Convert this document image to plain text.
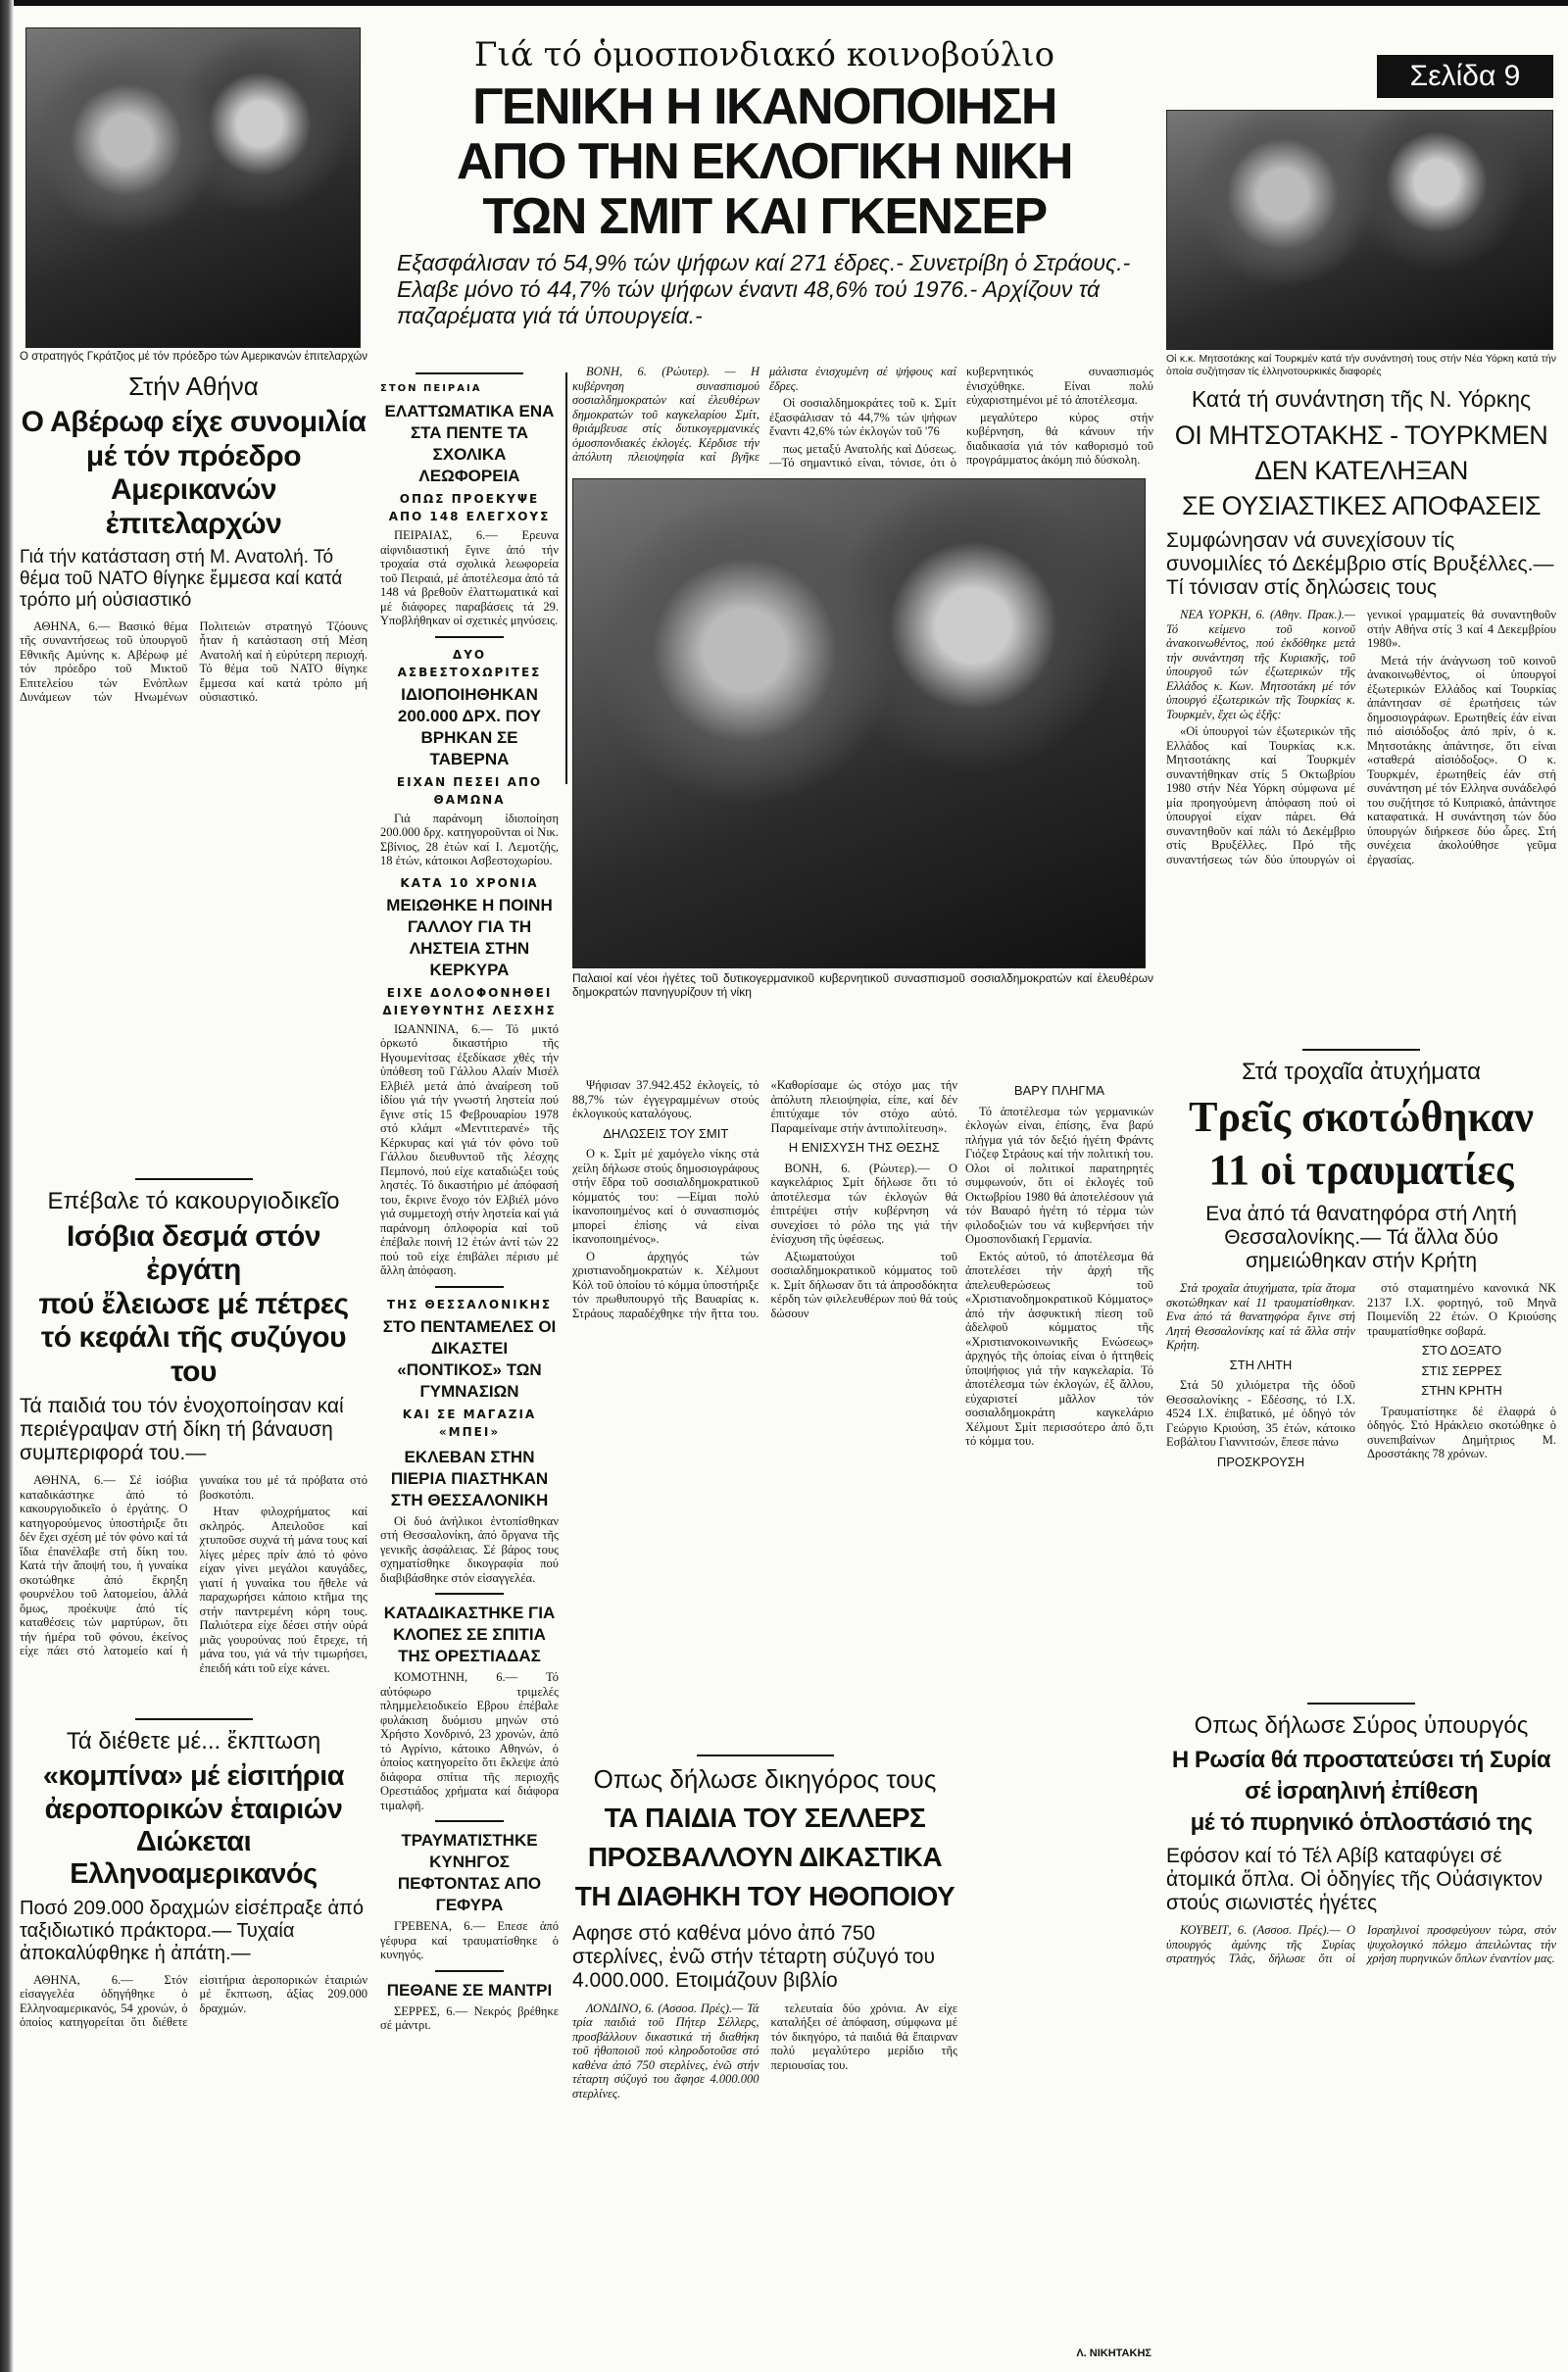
Ο στρατηγός Γκράτζιος μέ τόν πρόεδρο τών Αμερικανών ἐπιτελαρχών
Στήν Αθήνα
Ο Αβέρωφ είχε συνομιλία
μέ τόν πρόεδρο
Αμερικανών ἐπιτελαρχών
Γιά τήν κατάσταση στή Μ. Ανατολή. Τό θέμα τοῦ ΝΑΤΟ θίγηκε ἔμμεσα καί κατά τρόπο μή οὐσιαστικό

ΑΘΗΝΑ, 6.— Βασικό θέμα τῆς συναντήσεως τοῦ ὑπουργοῦ Εθνικῆς Αμύνης κ. Αβέρωφ μέ τόν πρόεδρο τοῦ Μικτοῦ Επιτελείου τών Ενόπλων Δυνάμεων τών Ηνωμένων Πολιτειών στρατηγό Τζόουνς ἦταν ἡ κατάσταση στή Μέση Ανατολή καί ἡ εὐρύτερη περιοχή. Τό θέμα τοῦ ΝΑΤΟ θίγηκε ἔμμεσα καί κατά τρόπο μή οὐσιαστικό.

Επέβαλε τό κακουργιοδικεῖο
Ισόβια δεσμά στόν ἐργάτη
πού ἔλειωσε μέ πέτρες
τό κεφάλι τῆς συζύγου του
Τά παιδιά του τόν ἐνοχοποίησαν καί περιέγραψαν στή δίκη τή βάναυση συμπεριφορά του.—

ΑΘΗΝΑ, 6.— Σέ ἰσόβια καταδικάστηκε ἀπό τό κακουργιοδικεῖο ὁ ἐργάτης. Ο κατηγορούμενος ὑποστήριξε ὅτι δέν ἔχει σχέση μέ τόν φόνο καί τά ἴδια ἐπανέλαβε στή δίκη του. Κατά τήν ἄποψή του, ἡ γυναίκα σκοτώθηκε ἀπό ἔκρηξη φουρνέλου τοῦ λατομείου, ἀλλά ὅμως, προέκυψε ἀπό τίς καταθέσεις τών μαρτύρων, ὅτι τήν ἡμέρα τοῦ φόνου, ἐκείνος είχε πάει στό λατομείο καί ἡ γυναίκα του μέ τά πρόβατα στό βοσκοτόπι.

Ηταν φιλοχρήματος καί σκληρός. Απειλοῦσε καί χτυποῦσε συχνά τή μάνα τους καί λίγες μέρες πρίν ἀπό τό φόνο είχαν γίνει μεγάλοι καυγάδες, γιατί ἡ γυναίκα του ἤθελε νά παραχωρήσει κάποιο κτῆμα της στήν παντρεμένη κόρη τους. Παλιότερα είχε δέσει στήν οὐρά μιᾶς γουρούνας πού ἔτρεχε, τή μάνα του, γιά νά τήν τιμωρήσει, ἐπειδή κάτι τοῦ είχε κάνει.

Τά διέθετε μέ... ἔκπτωση
«κομπίνα» μέ εἰσιτήρια
ἀεροπορικών ἑταιριών
Διώκεται Ελληνοαμερικανός
Ποσό 209.000 δραχμών εἰσέπραξε ἀπό ταξιδιωτικό πράκτορα.— Τυχαία ἀποκαλύφθηκε ἡ ἀπάτη.—

ΑΘΗΝΑ, 6.— Στόν εἰσαγγελέα ὁδηγήθηκε ὁ Ελληνοαμερικανός, 54 χρονών, ὁ ὁποίος κατηγορείται ὅτι διέθετε εἰσιτήρια ἀεροπορικών ἑταιριών μέ ἔκπτωση, ἀξίας 209.000 δραχμών.

Γιά τό ὁμοσπονδιακό κοινοβούλιο
ΓΕΝΙΚΗ Η ΙΚΑΝΟΠΟΙΗΣΗ
ΑΠΟ ΤΗΝ ΕΚΛΟΓΙΚΗ ΝΙΚΗ
ΤΩΝ ΣΜΙΤ ΚΑΙ ΓΚΕΝΣΕΡ
Εξασφάλισαν τό 54,9% τών ψήφων καί 271 έδρες.- Συνετρίβη ὁ Στράους.- Ελαβε μόνο τό 44,7% τών ψήφων έναντι 48,6% τού 1976.- Αρχίζουν τά παζαρέματα γιά τά ὑπουργεία.-
ΣΤΟΝ ΠΕΙΡΑΙΑ
ΕΛΑΤΤΩΜΑΤΙΚΑ ΕΝΑ ΣΤΑ ΠΕΝΤΕ ΤΑ ΣΧΟΛΙΚΑ ΛΕΩΦΟΡΕΙΑ
ΟΠΩΣ ΠΡΟΕΚΥΨΕ ΑΠΟ 148 ΕΛΕΓΧΟΥΣ

ΠΕΙΡΑΙΑΣ, 6.— Ερευνα αἰφνιδιαστική ἔγινε ἀπό τήν τροχαία στά σχολικά λεωφορεία τοῦ Πειραιά, μέ ἀποτέλεσμα ἀπό τά 148 νά βρεθοῦν ἐλαττωματικά καί μέ διάφορες παραβάσεις τά 29. Υποβλήθηκαν οἱ σχετικές μηνύσεις.

ΔΥΟ ΑΣΒΕΣΤΟΧΩΡΙΤΕΣ
ΙΔΙΟΠΟΙΗΘΗΚΑΝ 200.000 ΔΡΧ. ΠΟΥ ΒΡΗΚΑΝ ΣΕ ΤΑΒΕΡΝΑ
ΕΙΧΑΝ ΠΕΣΕΙ ΑΠΟ ΘΑΜΩΝΑ

Γιά παράνομη ἰδιοποίηση 200.000 δρχ. κατηγοροῦνται οἱ Νικ. Σβίνιος, 28 ἐτών καί Ι. Λεμοτζής, 18 ἐτών, κάτοικοι Ασβεστοχωρίου.

ΚΑΤΑ 10 ΧΡΟΝΙΑ
ΜΕΙΩΘΗΚΕ Η ΠΟΙΝΗ ΓΑΛΛΟΥ ΓΙΑ ΤΗ ΛΗΣΤΕΙΑ ΣΤΗΝ ΚΕΡΚΥΡΑ
ΕΙΧΕ ΔΟΛΟΦΟΝΗΘΕΙ ΔΙΕΥΘΥΝΤΗΣ ΛΕΣΧΗΣ

ΙΩΑΝΝΙΝΑ, 6.— Τό μικτό ὁρκωτό δικαστήριο τῆς Ηγουμενίτσας ἐξεδίκασε χθές τήν ὑπόθεση τοῦ Γάλλου Αλαίν Μισέλ Ελβιέλ μετά ἀπό ἀναίρεση τοῦ ἰδίου γιά τήν γνωστή ληστεία πού ἔγινε στίς 15 Φεβρουαρίου 1978 στό κλάμπ «Μεντιτερανέ» τῆς Κέρκυρας καί γιά τόν φόνο τοῦ Γάλλου διευθυντοῦ τῆς λέσχης Πεμπονό, πού είχε καταδιώξει τούς ληστές. Τό δικαστήριο μέ ἀπόφασή του, ἔκρινε ἔνοχο τόν Ελβιέλ μόνο γιά συμμετοχή στήν ληστεία καί γιά παράνομη ὁπλοφορία καί τοῦ ἐπέβαλε ποινή 12 ἐτών ἀντί τών 22 πού τοῦ είχε ἐπιβάλει πέρισυ μέ ἄλλη ἀπόφαση.

ΤΗΣ ΘΕΣΣΑΛΟΝΙΚΗΣ
ΣΤΟ ΠΕΝΤΑΜΕΛΕΣ ΟΙ ΔΙΚΑΣΤΕΙ «ΠΟΝΤΙΚΟΣ» ΤΩΝ ΓΥΜΝΑΣΙΩΝ
ΚΑΙ ΣΕ ΜΑΓΑΖΙΑ «ΜΠΕΙ»
ΕΚΛΕΒΑΝ ΣΤΗΝ ΠΙΕΡΙΑ ΠΙΑΣΤΗΚΑΝ ΣΤΗ ΘΕΣΣΑΛΟΝΙΚΗ

Οἱ δυό ἀνήλικοι ἐντοπίσθηκαν στή Θεσσαλονίκη, ἀπό ὄργανα τῆς γενικῆς ἀσφάλειας. Σέ βάρος τους σχηματίσθηκε δικογραφία πού διαβιβάσθηκε στόν εἰσαγγελέα.

ΚΑΤΑΔΙΚΑΣΤΗΚΕ ΓΙΑ ΚΛΟΠΕΣ ΣΕ ΣΠΙΤΙΑ ΤΗΣ ΟΡΕΣΤΙΑΔΑΣ

ΚΟΜΟΤΗΝΗ, 6.— Τό αὐτόφωρο τριμελές πλημμελειοδικείο Εβρου ἐπέβαλε φυλάκιση δυόμισυ μηνών στό Χρήστο Χονδρινό, 23 χρονών, ἀπό τό Αγρίνιο, κάτοικο Αθηνών, ὁ ὁποίος κατηγορείτο ὅτι ἔκλεψε ἀπό διάφορα σπίτια τῆς περιοχῆς Ορεστιάδος χρήματα καί διάφορα τιμαλφῆ.

ΤΡΑΥΜΑΤΙΣΤΗΚΕ ΚΥΝΗΓΟΣ ΠΕΦΤΟΝΤΑΣ ΑΠΟ ΓΕΦΥΡΑ

ΓΡΕΒΕΝΑ, 6.— Επεσε ἀπό γέφυρα καί τραυματίσθηκε ὁ κυνηγός.

ΠΕΘΑΝΕ ΣΕ ΜΑΝΤΡΙ

ΣΕΡΡΕΣ, 6.— Νεκρός βρέθηκε σέ μάντρι.

ΒΟΝΗ, 6. (Ρώυτερ). — Η κυβέρνηση συνασπισμού σοσιαλδημοκρατών καί ἐλευθέρων δημοκρατών τοῦ καγκελαρίου Σμίτ, θριάμβευσε στίς δυτικογερμανικές ὁμοσπονδιακές ἐκλογές. Κέρδισε τήν ἀπόλυτη πλειοψηφία καί βγῆκε μάλιστα ἐνισχυμένη σέ ψήφους καί ἔδρες.

Οἱ σοσιαλδημοκράτες τοῦ κ. Σμίτ ἐξασφάλισαν τό 44,7% τών ψήφων ἔναντι 42,6% τών ἐκλογών τοῦ '76

πως μεταξύ Ανατολής καί Δύσεως. —Τό σημαντικό είναι, τόνισε, ότι ὁ κυβερνητικός συνασπισμός ἐνισχύθηκε. Είναι πολύ εὐχαριστημένοι μέ τό ἀποτέλεσμα.

μεγαλύτερο κύρος στήν κυβέρνηση, θά κάνουν τήν διαδικασία γιά τόν καθορισμό τοῦ προγράμματος ἀκόμη πιό δύσκολη.

Παλαιοί καί νέοι ἡγέτες τοῦ δυτικογερμανικοῦ κυβερνητικοῦ συνασπισμοῦ σοσιαλδημοκρατών καί ἐλευθέρων δημοκρατών πανηγυρίζουν τή νίκη

Ψήφισαν 37.942.452 ἐκλογείς, τό 88,7% τών ἐγγεγραμμένων στούς ἐκλογικούς καταλόγους.

ΔΗΛΩΣΕΙΣ ΤΟΥ ΣΜΙΤ

Ο κ. Σμίτ μέ χαμόγελο νίκης στά χείλη δήλωσε στούς δημοσιογράφους στήν ἕδρα τοῦ σοσιαλδημοκρατικοῦ κόμματός του: —Είμαι πολύ ἱκανοποιημένος καί ὁ συνασπισμός μπορεί ἐπίσης νά είναι ἱκανοποιημένος».

Ο ἀρχηγός τών χριστιανοδημοκρατών κ. Χέλμουτ Κόλ τοῦ ὁποίου τό κόμμα ὑποστήριξε τόν πρωθυπουργό τῆς Βαυαρίας κ. Στράους παραδέχθηκε τήν ἥττα του. «Καθορίσαμε ὡς στόχο μας τήν ἀπόλυτη πλειοψηφία, είπε, καί δέν ἐπιτύχαμε τόν στόχο αὐτό. Παραμείναμε στήν ἀντιπολίτευση».

Η ΕΝΙΣΧΥΣΗ ΤΗΣ ΘΕΣΗΣ

ΒΟΝΗ, 6. (Ρώυτερ).— Ο καγκελάριος Σμίτ δήλωσε ὅτι τό ἀποτέλεσμα τών ἐκλογών θά ἐπιτρέψει στήν κυβέρνηση νά συνεχίσει τό ρόλο της γιά τήν ἐνίσχυση τῆς ὑφέσεως.

Αξιωματούχοι τοῦ σοσιαλδημοκρατικοῦ κόμματος τοῦ κ. Σμίτ δήλωσαν ὅτι τά ἀπροσδόκητα κέρδη τών φιλελευθέρων πού θά τούς δώσουν

Οπως δήλωσε δικηγόρος τους
ΤΑ ΠΑΙΔΙΑ ΤΟΥ ΣΕΛΛΕΡΣ
ΠΡΟΣΒΑΛΛΟΥΝ ΔΙΚΑΣΤΙΚΑ
ΤΗ ΔΙΑΘΗΚΗ ΤΟΥ ΗΘΟΠΟΙΟΥ
Αφησε στό καθένα μόνο ἀπό 750 στερλίνες, ἐνῶ στήν τέταρτη σύζυγό του 4.000.000. Ετοιμάζουν βιβλίο

ΛΟΝΔΙΝΟ, 6. (Ασσοσ. Πρές).— Τά τρία παιδιά τοῦ Πήτερ Σέλλερς, προσβάλλουν δικαστικά τή διαθήκη τοῦ ἠθοποιοῦ πού κληροδοτοῦσε στό καθένα ἀπό 750 στερλίνες, ἐνῶ στήν τέταρτη σύζυγό του ἄφησε 4.000.000 στερλίνες.

τελευταία δύο χρόνια. Αν είχε καταλήξει σέ ἀπόφαση, σύμφωνα μέ τόν δικηγόρο, τά παιδιά θά ἔπαιρναν πολύ μεγαλύτερο μερίδιο τῆς περιουσίας του.

ΒΑΡΥ ΠΛΗΓΜΑ

Τό ἀποτέλεσμα τών γερμανικών ἐκλογών είναι, ἐπίσης, ἕνα βαρύ πλήγμα γιά τόν δεξιό ἡγέτη Φράντς Γιόζεφ Στράους καί τήν πολιτική του. Ολοι οἱ πολιτικοί παρατηρητές συμφωνούν, ὅτι οἱ ἐκλογές τοῦ Οκτωβρίου 1980 θά ἀποτελέσουν γιά τόν Βαυαρό ἡγέτη τό τέρμα τών φιλοδοξιών του νά κυβερνήσει τήν Ομοσπονδιακή Γερμανία.

Εκτός αὐτοῦ, τό ἀποτέλεσμα θά ἀποτελέσει τήν ἀρχή τῆς ἀπελευθερώσεως τοῦ «Χριστιανοδημοκρατικοῦ Κόμματος» ἀπό τήν ἀσφυκτική πίεση τοῦ ἀδελφοῦ κόμματος τῆς «Χριστιανοκοινωνικῆς Ενώσεως» ἀρχηγός τῆς ὁποίας είναι ὁ ἡττηθείς ὑποψήφιος γιά τήν καγκελαρία. Τό ἀποτέλεσμα τών ἐκλογών, ἐξ ἄλλου, εὐχαριστεί μᾶλλον τόν σοσιαλδημοκράτη καγκελάριο Χέλμουτ Σμίτ περισσότερο ἀπό ὅ,τι τό κόμμα του.

Λ. ΝΙΚΗΤΑΚΗΣ
Σελίδα 9
Οἱ κ.κ. Μητσοτάκης καί Τουρκμέν κατά τήν συνάντησή τους στήν Νέα Υόρκη κατά τήν ὁποία συζήτησαν τίς ἑλληνοτουρκικές διαφορές
Κατά τή συνάντηση τῆς Ν. Υόρκης
ΟΙ ΜΗΤΣΟΤΑΚΗΣ - ΤΟΥΡΚΜΕΝ
ΔΕΝ ΚΑΤΕΛΗΞΑΝ
ΣΕ ΟΥΣΙΑΣΤΙΚΕΣ ΑΠΟΦΑΣΕΙΣ
Συμφώνησαν νά συνεχίσουν τίς συνομιλίες τό Δεκέμβριο στίς Βρυξέλλες.— Τί τόνισαν στίς δηλώσεις τους

ΝΕΑ ΥΟΡΚΗ, 6. (Αθην. Πρακ.).— Τό κείμενο τοῦ κοινοῦ ἀνακοινωθέντος, πού ἐκδόθηκε μετά τήν συνάντηση τῆς Κυριακῆς, τοῦ ὑπουργοῦ τών ἐξωτερικών τῆς Ελλάδος κ. Κων. Μητσοτάκη μέ τόν ὑπουργό ἐξωτερικών τῆς Τουρκίας κ. Τουρκμέν, ἔχει ὡς ἑξῆς:

«Οἱ ὑπουργοί τών ἐξωτερικών τῆς Ελλάδος καί Τουρκίας κ.κ. Μητσοτάκης καί Τουρκμέν συναντήθηκαν στίς 5 Οκτωβρίου 1980 στήν Νέα Υόρκη σύμφωνα μέ μία προηγούμενη ἀπόφαση πού οἱ ὑπουργοί είχαν πάρει. Θά συναντηθοῦν καί πάλι τό Δεκέμβριο στίς Βρυξέλλες. Πρό τῆς συναντήσεως τών δύο ὑπουργών οἱ γενικοί γραμματείς θά συναντηθοῦν στήν Αθήνα στίς 3 καί 4 Δεκεμβρίου 1980».

Μετά τήν ἀνάγνωση τοῦ κοινοῦ ἀνακοινωθέντος, οἱ ὑπουργοί ἐξωτερικών Ελλάδος καί Τουρκίας ἀπάντησαν σέ ἐρωτήσεις τών δημοσιογράφων. Ερωτηθείς ἐάν είναι πιό αἰσιόδοξος ἀπό πρίν, ὁ κ. Μητσοτάκης ἀπάντησε, ὅτι είναι «σταθερά αἰσιόδοξος». Ο κ. Τουρκμέν, ἐρωτηθείς ἐάν στή συνάντηση μέ τόν Ελληνα συνάδελφό του συζήτησε τό Κυπριακό, ἀπάντησε καταφατικά. Η συνάντηση τών δύο ὑπουργών διήρκεσε δύο ὧρες. Στή συνέχεια ἀκολούθησε γεῦμα ἐργασίας.

Στά τροχαῖα ἀτυχήματα
Τρεῖς σκοτώθηκαν
11 οἱ τραυματίες
Ενα ἀπό τά θανατηφόρα στή Λητή Θεσσαλονίκης.— Τά ἄλλα δύο σημειώθηκαν στήν Κρήτη

Στά τροχαῖα ἀτυχήματα, τρία ἄτομα σκοτώθηκαν καί 11 τραυματίσθηκαν. Ενα ἀπό τά θανατηφόρα ἔγινε στή Λητή Θεσσαλονίκης καί τά ἄλλα στήν Κρήτη.

ΣΤΗ ΛΗΤΗ

Στά 50 χιλιόμετρα τῆς ὁδοῦ Θεσσαλονίκης - Εδέσσης, τό Ι.Χ. 4524 Ι.Χ. ἐπιβατικό, μέ ὁδηγό τόν Γεώργιο Κριούση, 35 ἐτών, κάτοικο Εσβάλτου Γιαννιτσών, ἔπεσε πάνω

ΠΡΟΣΚΡΟΥΣΗ

στό σταματημένο κανονικά ΝΚ 2137 Ι.Χ. φορτηγό, τοῦ Μηνᾶ Ποιμενίδη 22 ἐτών. Ο Κριούσης τραυματίσθηκε σοβαρά.

ΣΤΟ ΔΟΞΑΤΟ
ΣΤΙΣ ΣΕΡΡΕΣ
ΣΤΗΝ ΚΡΗΤΗ

Τραυματίστηκε δέ ἐλαφρά ὁ ὁδηγός. Στό Ηράκλειο σκοτώθηκε ὁ συνεπιβαίνων Δημήτριος Μ. Δροσστάκης 78 χρόνων.

Οπως δήλωσε Σύρος ὑπουργός
Η Ρωσία θά προστατεύσει τή Συρία
σέ ἰσραηλινή ἐπίθεση
μέ τό πυρηνικό ὁπλοστάσιό της
Εφόσον καί τό Τέλ Αβίβ καταφύγει σέ ἀτομικά ὅπλα. Οἱ ὁδηγίες τῆς Οὐάσιγκτον στούς σιωνιστές ἡγέτες

ΚΟΥΒΕΙΤ, 6. (Ασσοσ. Πρές).— Ο ὑπουργός ἀμύνης τῆς Συρίας στρατηγός Τλάς, δήλωσε ὅτι οἱ Ισραηλινοί προσφεύγουν τώρα, στόν ψυχολογικό πόλεμο ἀπειλώντας τήν χρήση πυρηνικών ὅπλων ἐναντίον μας.
